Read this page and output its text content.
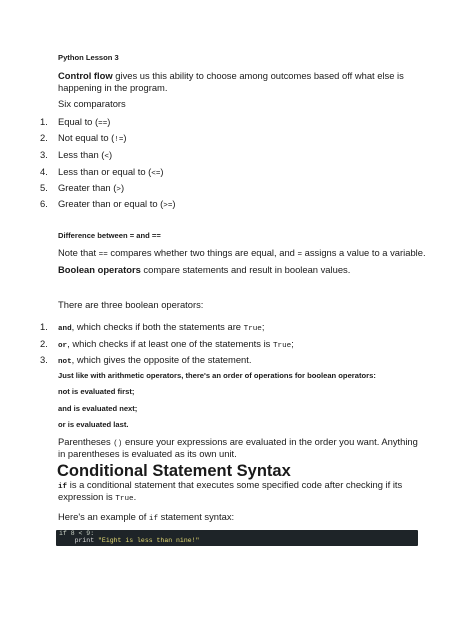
Python Lesson 3
Control flow gives us this ability to choose among outcomes based off what else is
happening in the program.
Six comparators
1. Equal to (==)
2. Not equal to (!=)
3. Less than (<)
4. Less than or equal to (<=)
5. Greater than (>)
6. Greater than or equal to (>=)
Difference between = and ==
Note that == compares whether two things are equal, and = assigns a value to a variable.
Boolean operators compare statements and result in boolean values.
There are three boolean operators:
1. and, which checks if both the statements are True;
2. or, which checks if at least one of the statements is True;
3. not, which gives the opposite of the statement.
Just like with arithmetic operators, there's an order of operations for boolean operators:
not is evaluated first;
and is evaluated next;
or is evaluated last.
Parentheses () ensure your expressions are evaluated in the order you want. Anything
in parentheses is evaluated as its own unit.
Conditional Statement Syntax
if is a conditional statement that executes some specified code after checking if its
expression is True.
Here's an example of if statement syntax:
if 8 < 9:
print "Eight is less than nine!"
